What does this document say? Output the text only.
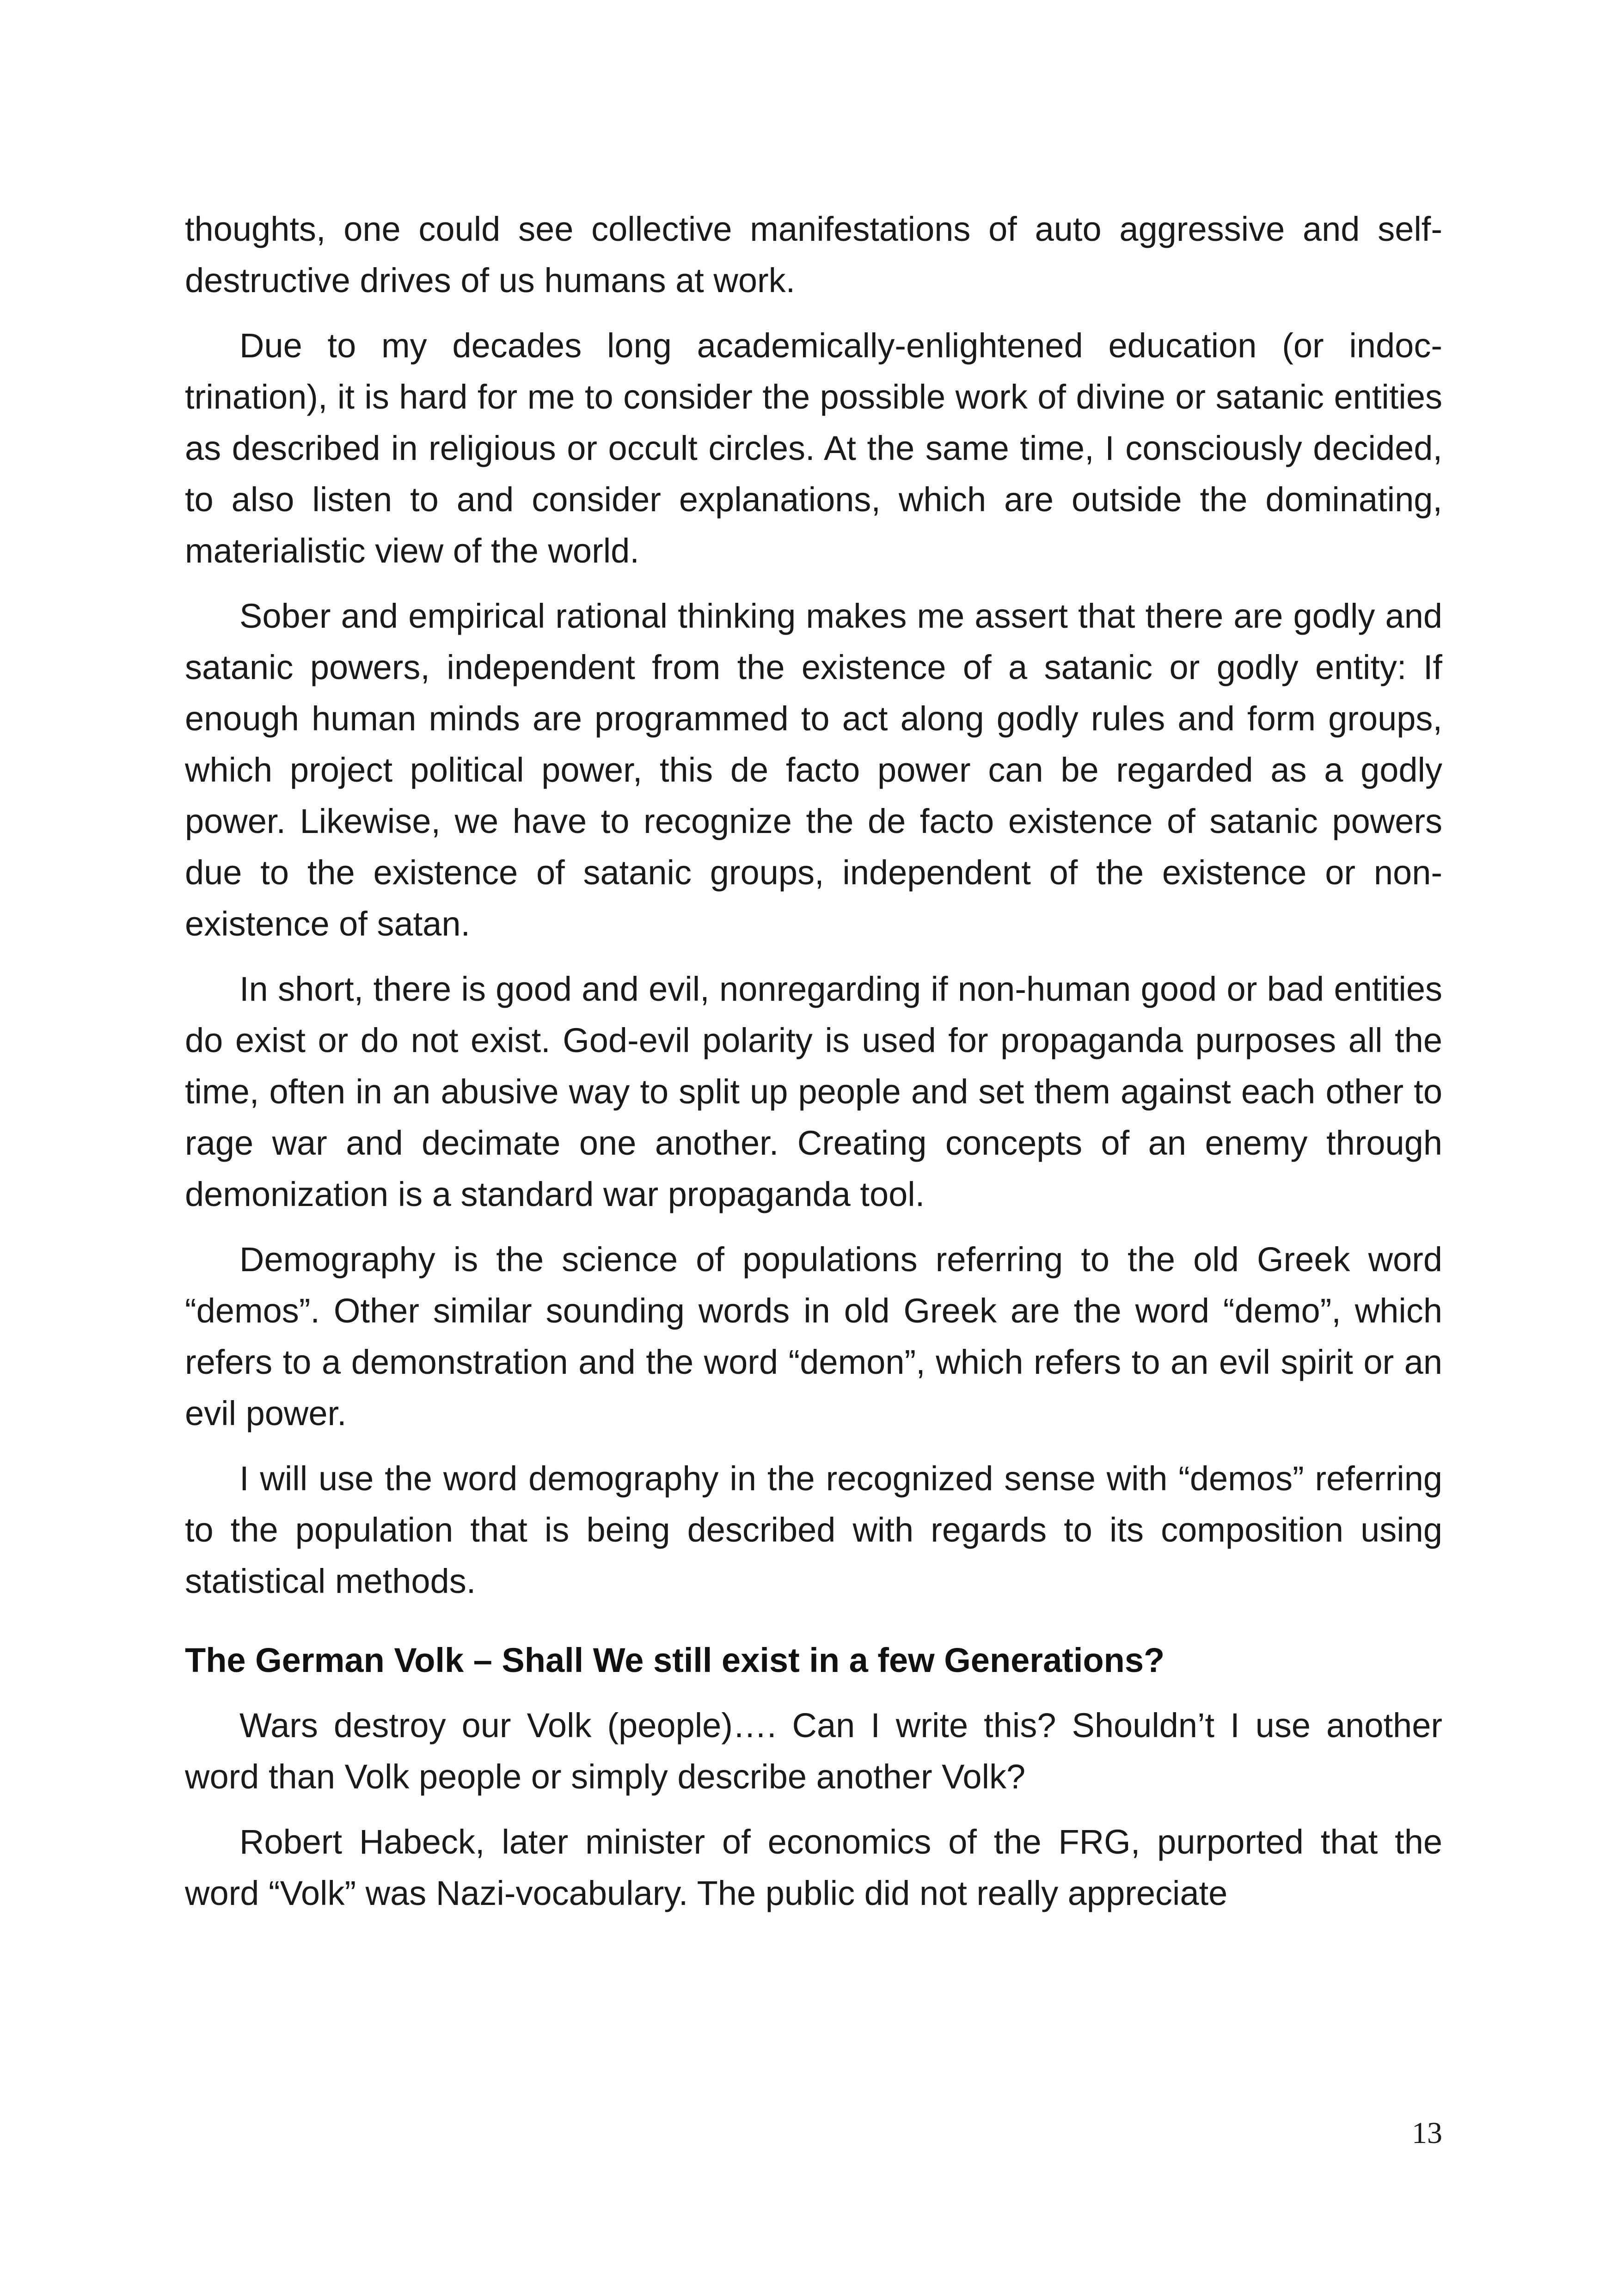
thoughts, one could see collective manifestations of auto aggressive and self-destructive drives of us humans at work.

Due to my decades long academically-enlightened education (or indoctrination), it is hard for me to consider the possible work of divine or satanic entities as described in religious or occult circles. At the same time, I consciously decided, to also listen to and consider explanations, which are outside the dominating, materialistic view of the world.

Sober and empirical rational thinking makes me assert that there are godly and satanic powers, independent from the existence of a satanic or godly entity: If enough human minds are programmed to act along godly rules and form groups, which project political power, this de facto power can be regarded as a godly power. Likewise, we have to recognize the de facto existence of satanic powers due to the existence of satanic groups, independent of the existence or non-existence of satan.

In short, there is good and evil, nonregarding if non-human good or bad entities do exist or do not exist. God-evil polarity is used for propaganda purposes all the time, often in an abusive way to split up people and set them against each other to rage war and decimate one another. Creating concepts of an enemy through demonization is a standard war propaganda tool.

Demography is the science of populations referring to the old Greek word “demos”. Other similar sounding words in old Greek are the word “demo”, which refers to a demonstration and the word “demon”, which refers to an evil spirit or an evil power.

I will use the word demography in the recognized sense with “demos” referring to the population that is being described with regards to its composition using statistical methods.

The German Volk – Shall We still exist in a few Generations?

Wars destroy our Volk (people)…. Can I write this? Shouldn’t I use another word than Volk people or simply describe another Volk?

Robert Habeck, later minister of economics of the FRG, purported that the word “Volk” was Nazi-vocabulary. The public did not really appreciate

13
